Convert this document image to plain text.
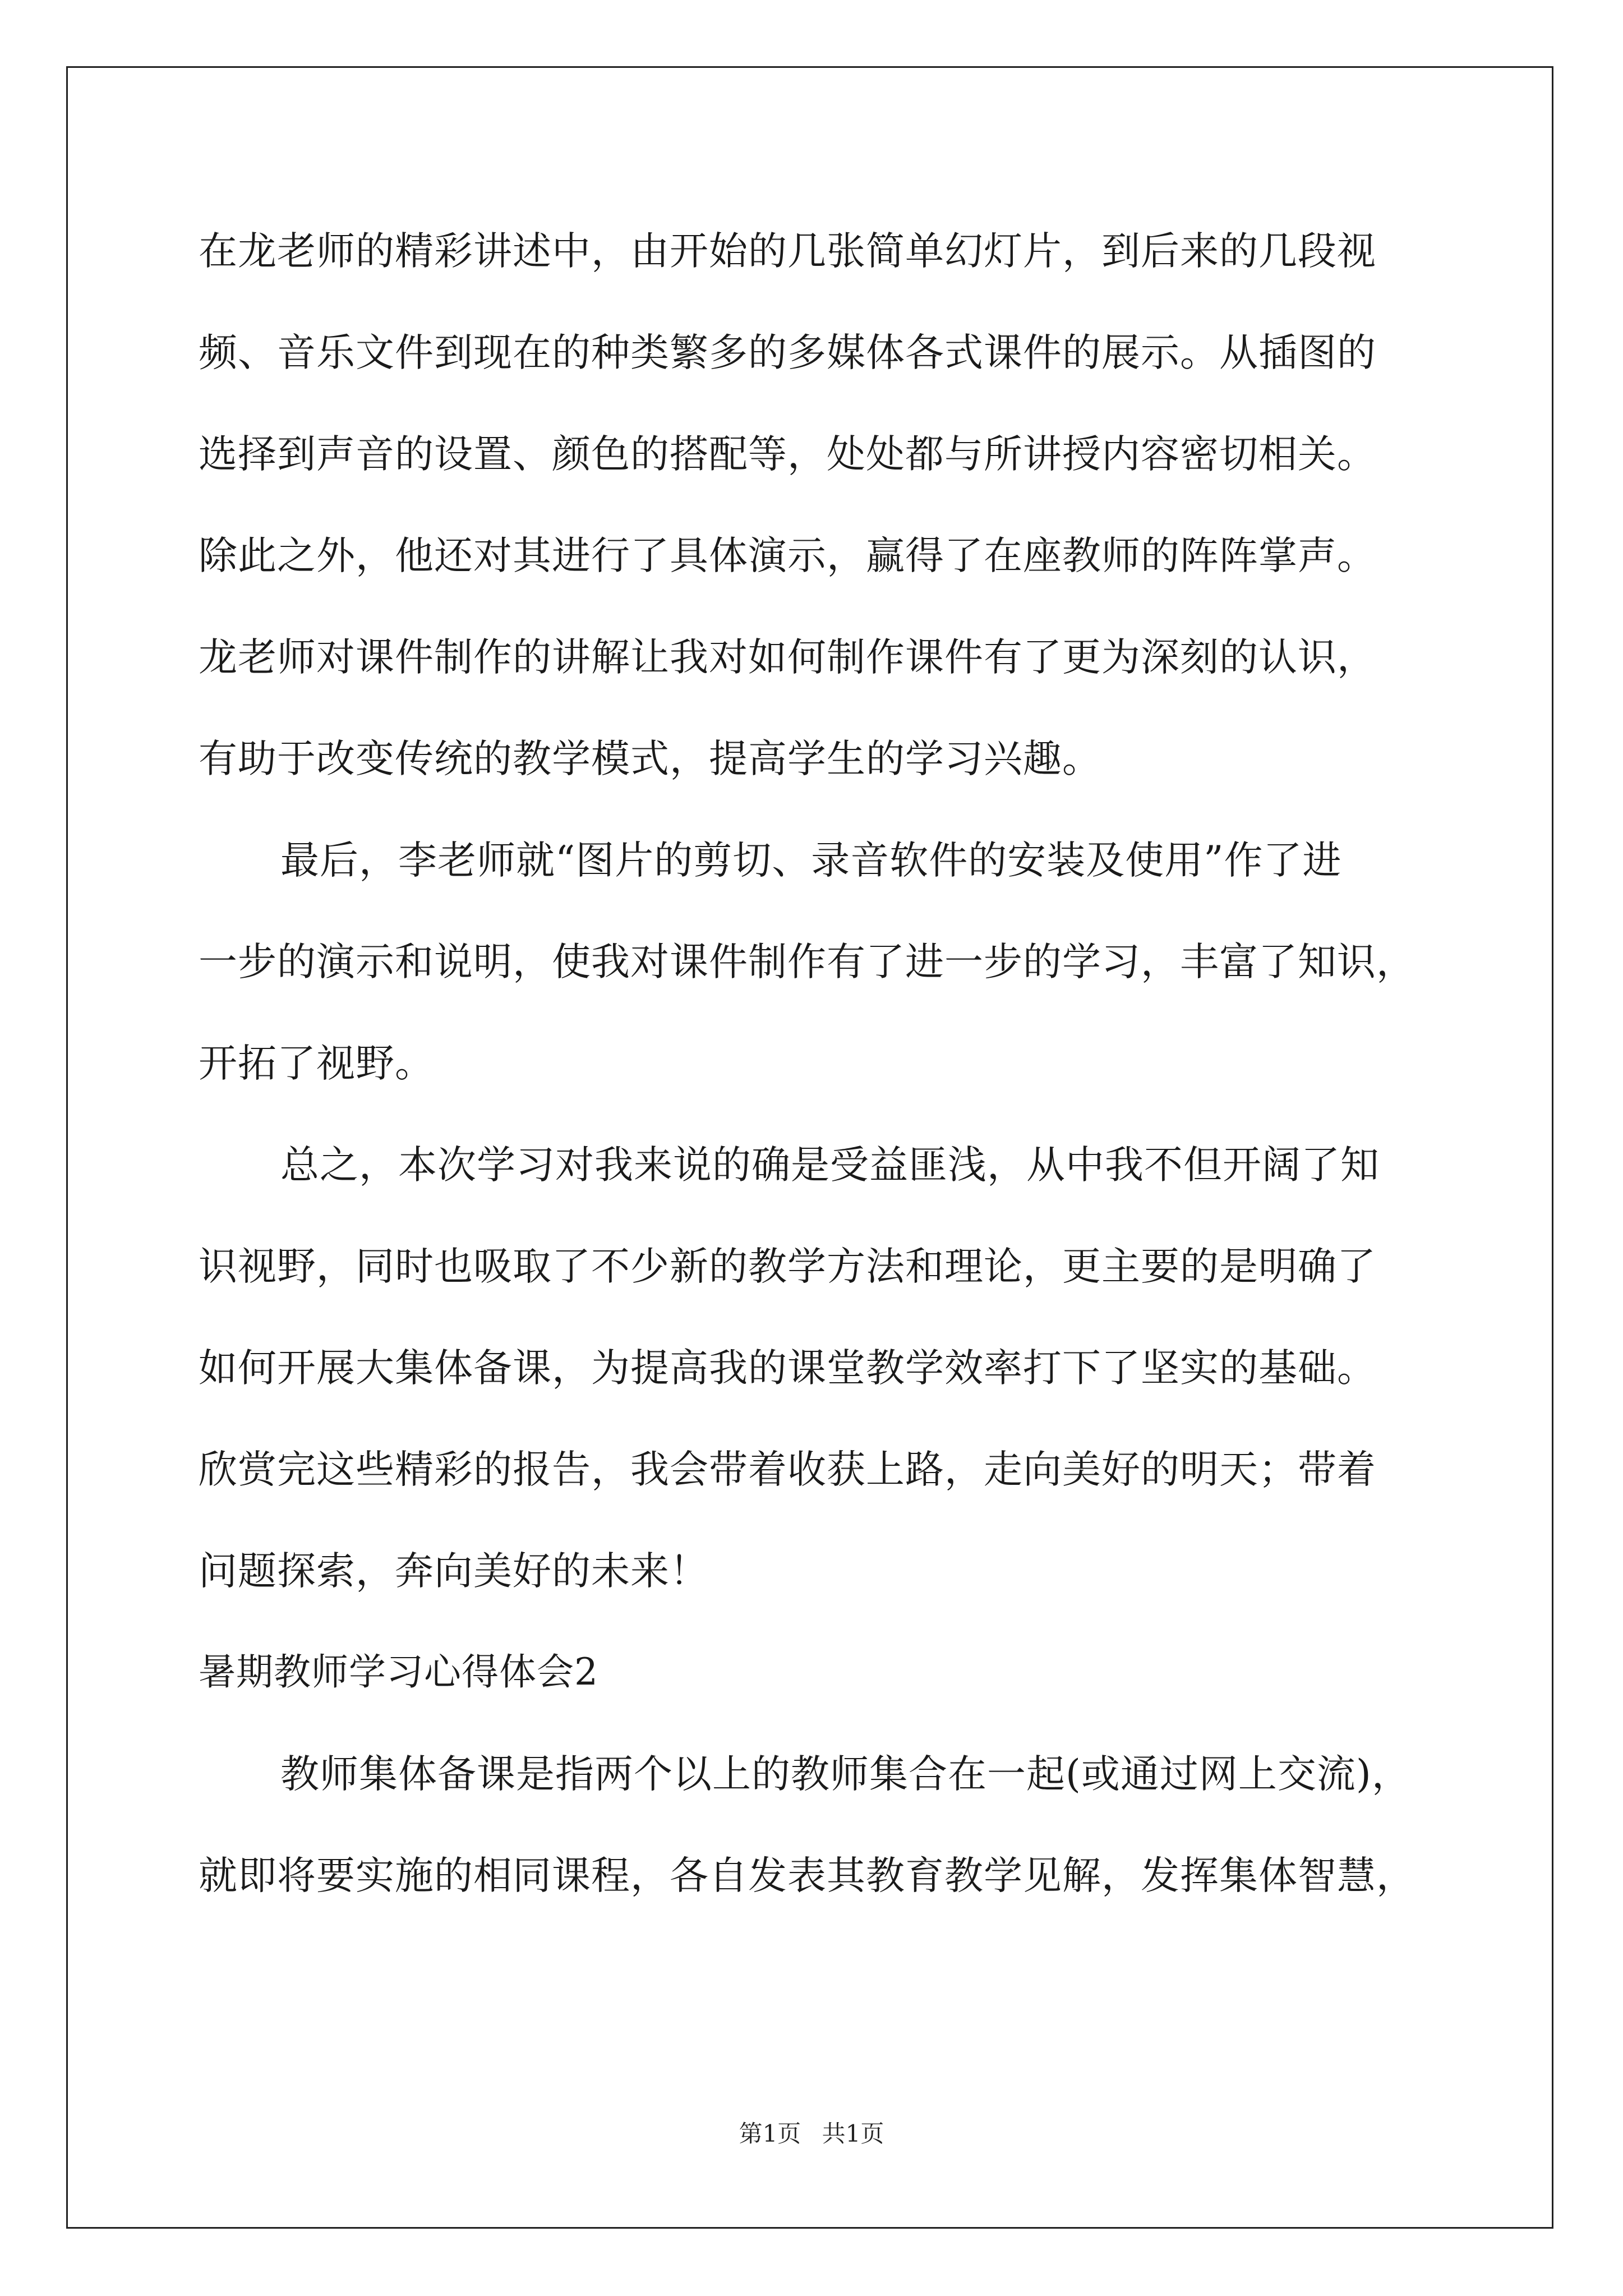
在龙老师的精彩讲述中，由开始的几张简单幻灯片，到后来的几段视
频、音乐文件到现在的种类繁多的多媒体各式课件的展示。从插图的
选择到声音的设置、颜色的搭配等，处处都与所讲授内容密切相关。
除此之外，他还对其进行了具体演示，赢得了在座教师的阵阵掌声。
龙老师对课件制作的讲解让我对如何制作课件有了更为深刻的认识，
有助于改变传统的教学模式，提高学生的学习兴趣。
最后，李老师就“图片的剪切、录音软件的安装及使用”作了进
一步的演示和说明，使我对课件制作有了进一步的学习，丰富了知识，
开拓了视野。
总之，本次学习对我来说的确是受益匪浅，从中我不但开阔了知
识视野，同时也吸取了不少新的教学方法和理论，更主要的是明确了
如何开展大集体备课，为提高我的课堂教学效率打下了坚实的基础。
欣赏完这些精彩的报告，我会带着收获上路，走向美好的明天；带着
问题探索，奔向美好的未来！
暑期教师学习心得体会2
教师集体备课是指两个以上的教师集合在一起(或通过网上交流)，
就即将要实施的相同课程，各自发表其教育教学见解，发挥集体智慧，
第1页 共1页
